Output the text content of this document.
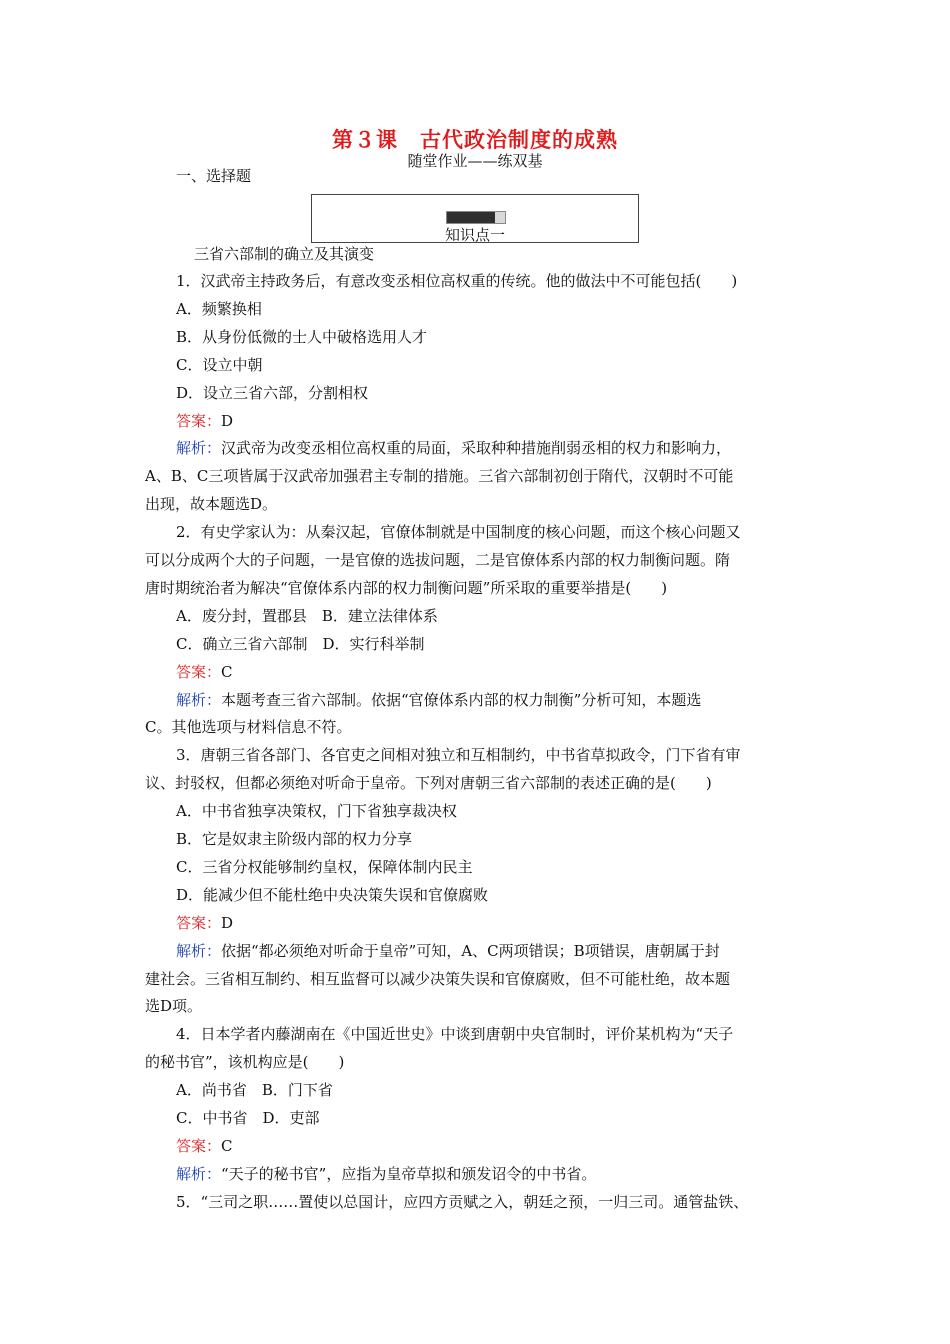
第３课　古代政治制度的成熟
随堂作业——练双基
一、选择题
知识点一
三省六部制的确立及其演变
1．汉武帝主持政务后，有意改变丞相位高权重的传统。他的做法中不可能包括(　　)
A．频繁换相
B．从身份低微的士人中破格选用人才
C．设立中朝
D．设立三省六部，分割相权
答案：D
解析：汉武帝为改变丞相位高权重的局面，采取种种措施削弱丞相的权力和影响力，
A、B、C三项皆属于汉武帝加强君主专制的措施。三省六部制初创于隋代，汉朝时不可能
出现，故本题选D。
2．有史学家认为：从秦汉起，官僚体制就是中国制度的核心问题，而这个核心问题又
可以分成两个大的子问题，一是官僚的选拔问题，二是官僚体系内部的权力制衡问题。隋
唐时期统治者为解决“官僚体系内部的权力制衡问题”所采取的重要举措是(　　)
A．废分封，置郡县　B．建立法律体系
C．确立三省六部制　D．实行科举制
答案：C
解析：本题考查三省六部制。依据“官僚体系内部的权力制衡”分析可知，本题选
C。其他选项与材料信息不符。
3．唐朝三省各部门、各官吏之间相对独立和互相制约，中书省草拟政令，门下省有审
议、封驳权，但都必须绝对听命于皇帝。下列对唐朝三省六部制的表述正确的是(　　)
A．中书省独享决策权，门下省独享裁决权
B．它是奴隶主阶级内部的权力分享
C．三省分权能够制约皇权，保障体制内民主
D．能减少但不能杜绝中央决策失误和官僚腐败
答案：D
解析：依据“都必须绝对听命于皇帝”可知，A、C两项错误；B项错误，唐朝属于封
建社会。三省相互制约、相互监督可以减少决策失误和官僚腐败，但不可能杜绝，故本题
选D项。
4．日本学者内藤湖南在《中国近世史》中谈到唐朝中央官制时，评价某机构为“天子
的秘书官”，该机构应是(　　)
A．尚书省　B．门下省
C．中书省　D．吏部
答案：C
解析：“天子的秘书官”，应指为皇帝草拟和颁发诏令的中书省。
5．“三司之职……置使以总国计，应四方贡赋之入，朝廷之预，一归三司。通管盐铁、
